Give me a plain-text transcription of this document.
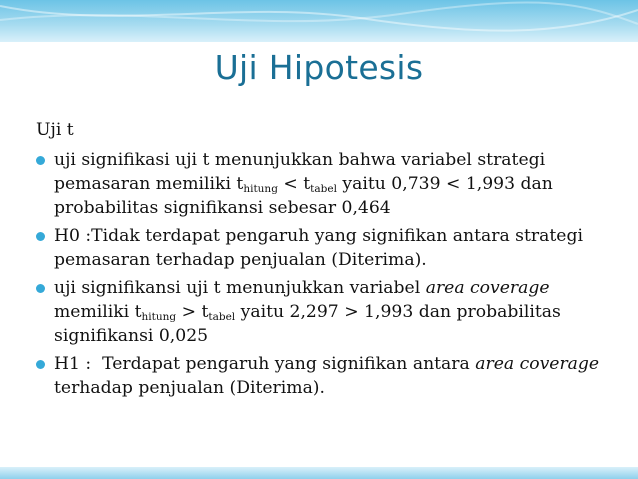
Uji Hipotesis
Uji t
uji signifikasi uji t menunjukkan bahwa variabel strategi pemasaran memiliki $t_{hitung} < t_{tabel}$ yaitu 0,739 < 1,993 dan probabilitas signifikansi sebesar 0,464
H0 :Tidak terdapat pengaruh yang signifikan antara strategi   pemasaran terhadap penjualan (Diterima).
uji signifikansi uji t menunjukkan variabel area coverage memiliki $t_{hitung} > t_{tabel}$ yaitu 2,297 > 1,993 dan probabilitas signifikansi 0,025
H1 :  Terdapat pengaruh yang signifikan antara area coverage terhadap penjualan (Diterima).
